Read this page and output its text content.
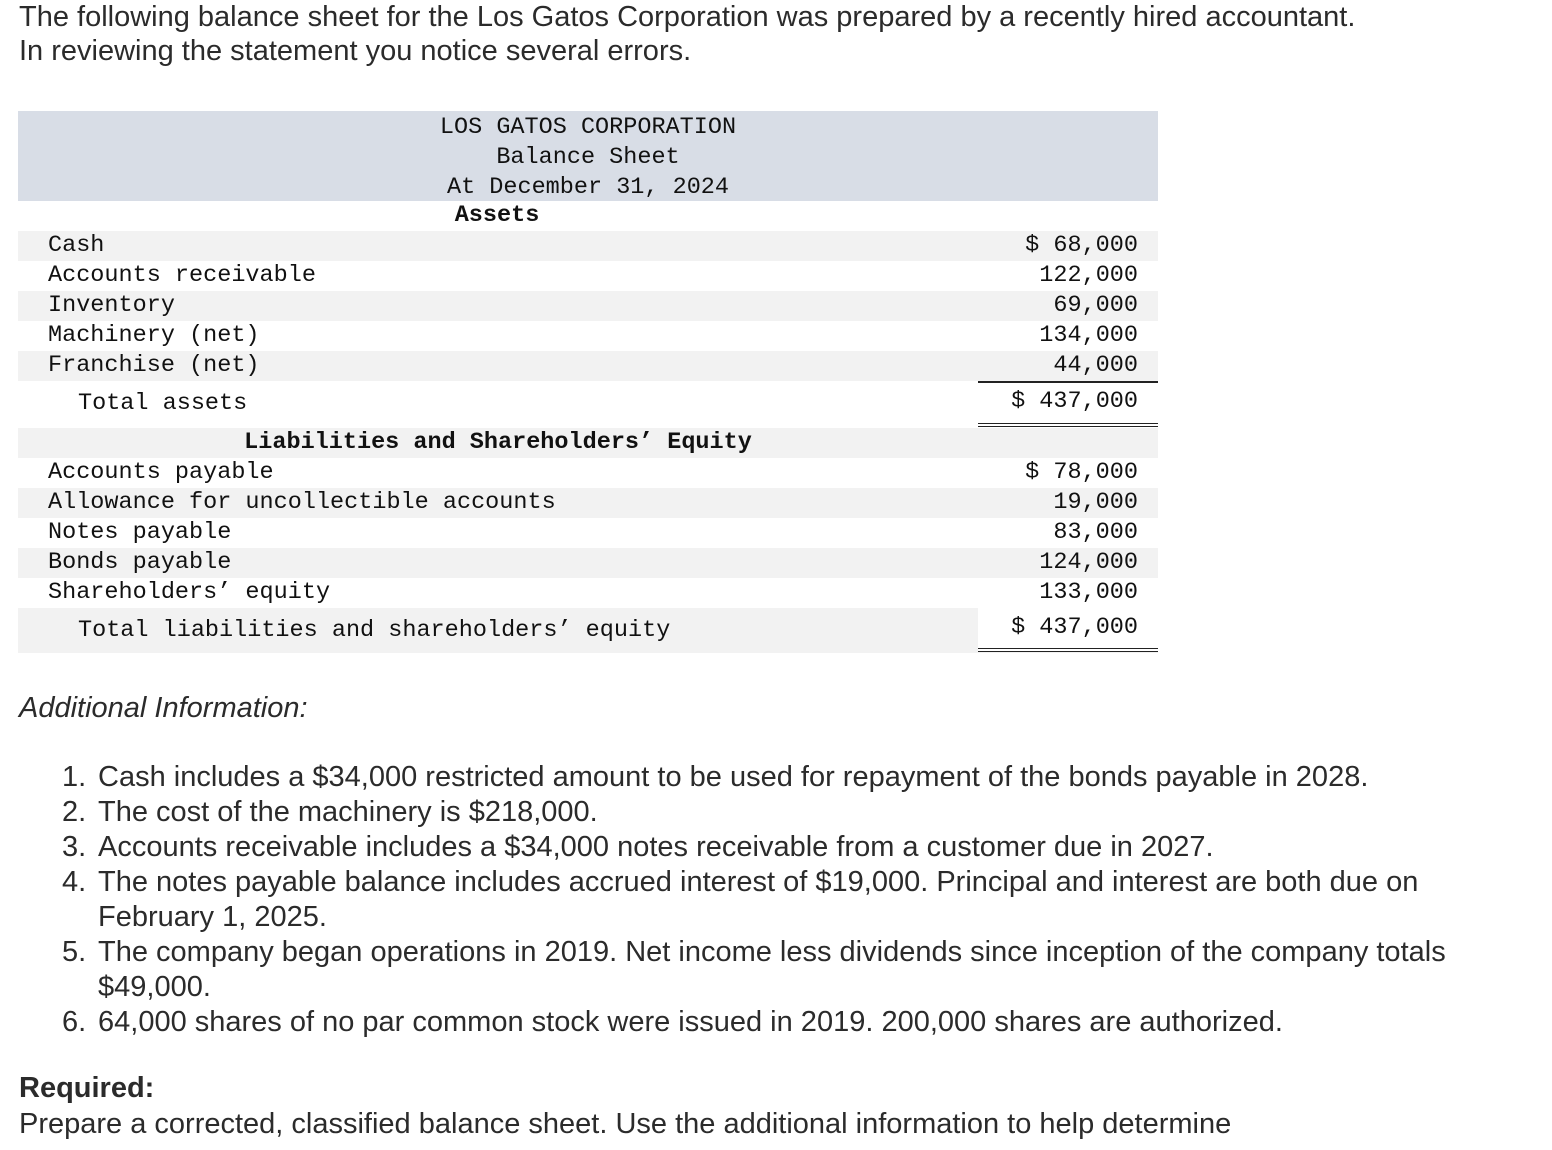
The following balance sheet for the Los Gatos Corporation was prepared by a recently hired accountant.
In reviewing the statement you notice several errors.
LOS GATOS CORPORATION
Balance Sheet
At December 31, 2024
Assets
Cash	$ 68,000
Accounts receivable	122,000
Inventory	69,000
Machinery (net)	134,000
Franchise (net)	44,000
Total assets	$ 437,000
Liabilities and Shareholders’ Equity
Accounts payable	$ 78,000
Allowance for uncollectible accounts	19,000
Notes payable	83,000
Bonds payable	124,000
Shareholders’ equity	133,000
Total liabilities and shareholders’ equity	$ 437,000
Additional Information:
1. Cash includes a $34,000 restricted amount to be used for repayment of the bonds payable in 2028.
2. The cost of the machinery is $218,000.
3. Accounts receivable includes a $34,000 notes receivable from a customer due in 2027.
4. The notes payable balance includes accrued interest of $19,000. Principal and interest are both due on February 1, 2025.
5. The company began operations in 2019. Net income less dividends since inception of the company totals $49,000.
6. 64,000 shares of no par common stock were issued in 2019. 200,000 shares are authorized.
Required:
Prepare a corrected, classified balance sheet. Use the additional information to help determine
